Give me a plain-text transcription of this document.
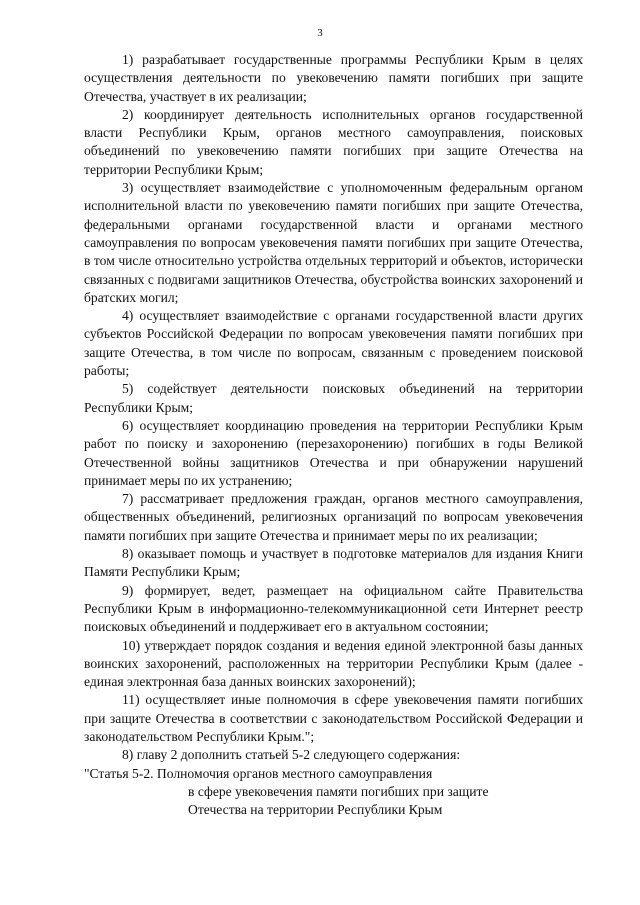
3

1) разрабатывает государственные программы Республики Крым в целях осуществления деятельности по увековечению памяти погибших при защите Отечества, участвует в их реализации;

2) координирует деятельность исполнительных органов государственной власти Республики Крым, органов местного самоуправления, поисковых объединений по увековечению памяти погибших при защите Отечества на территории Республики Крым;

3) осуществляет взаимодействие с уполномоченным федеральным органом исполнительной власти по увековечению памяти погибших при защите Отечества, федеральными органами государственной власти и органами местного самоуправления по вопросам увековечения памяти погибших при защите Отечества, в том числе относительно устройства отдельных территорий и объектов, исторически связанных с подвигами защитников Отечества, обустройства воинских захоронений и братских могил;

4) осуществляет взаимодействие с органами государственной власти других субъектов Российской Федерации по вопросам увековечения памяти погибших при защите Отечества, в том числе по вопросам, связанным с проведением поисковой работы;

5) содействует деятельности поисковых объединений на территории Республики Крым;

6) осуществляет координацию проведения на территории Республики Крым работ по поиску и захоронению (перезахоронению) погибших в годы Великой Отечественной войны защитников Отечества и при обнаружении нарушений принимает меры по их устранению;

7) рассматривает предложения граждан, органов местного самоуправления, общественных объединений, религиозных организаций по вопросам увековечения памяти погибших при защите Отечества и принимает меры по их реализации;

8) оказывает помощь и участвует в подготовке материалов для издания Книги Памяти Республики Крым;

9) формирует, ведет, размещает на официальном сайте Правительства Республики Крым в информационно-телекоммуникационной сети Интернет реестр поисковых объединений и поддерживает его в актуальном состоянии;

10) утверждает порядок создания и ведения единой электронной базы данных воинских захоронений, расположенных на территории Республики Крым (далее - единая электронная база данных воинских захоронений);

11) осуществляет иные полномочия в сфере увековечения памяти погибших при защите Отечества в соответствии с законодательством Российской Федерации и законодательством Республики Крым.";

8) главу 2 дополнить статьей 5-2 следующего содержания:

"Статья 5-2. Полномочия органов местного самоуправления
в сфере увековечения памяти погибших при защите
Отечества на территории Республики Крым
